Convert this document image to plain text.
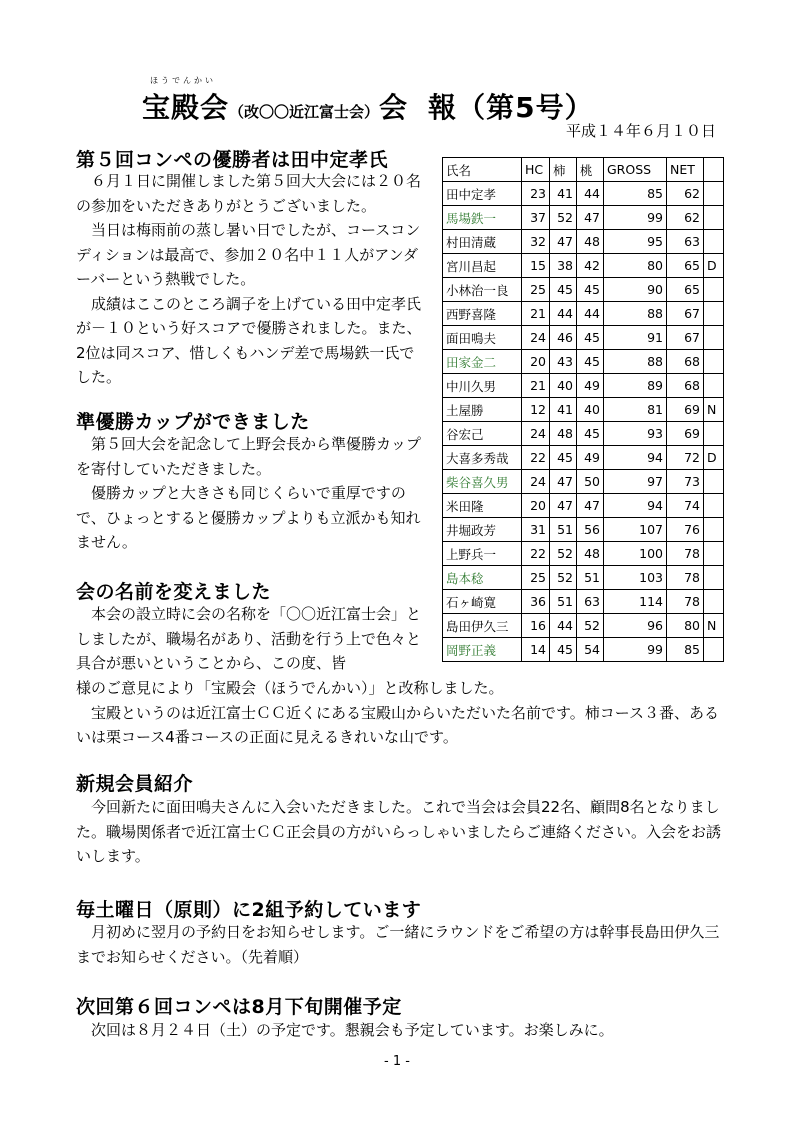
ほうでんかい
宝殿会（改〇〇近江富士会）会 報（第5号）
平成１４年６月１０日
第５回コンペの優勝者は田中定孝氏

６月１日に開催しました第５回大大会には２０名の参加をいただきありがとうございました。

当日は梅雨前の蒸し暑い日でしたが、コースコンディションは最高で、参加２０名中１１人がアンダーバーという熱戦でした。

成績はここのところ調子を上げている田中定孝氏が－１０という好スコアで優勝されました。また、2位は同スコア、惜しくもハンデ差で馬場鉄一氏でした。

準優勝カップができました

第５回大会を記念して上野会長から準優勝カップを寄付していただきました。

優勝カップと大きさも同じくらいで重厚ですので、ひょっとすると優勝カップよりも立派かも知れません。

会の名前を変えました

本会の設立時に会の名称を「〇〇近江富士会」としましたが、職場名があり、活動を行う上で色々と具合が悪いということから、この度、皆

様のご意見により「宝殿会（ほうでんかい）」と改称しました。

宝殿というのは近江富士ＣＣ近くにある宝殿山からいただいた名前です。柿コース３番、あるいは栗コース4番コースの正面に見えるきれいな山です。

新規会員紹介

今回新たに面田鳴夫さんに入会いただきました。これで当会は会員22名、顧問8名となりました。職場関係者で近江富士ＣＣ正会員の方がいらっしゃいましたらご連絡ください。入会をお誘いします。

毎土曜日（原則）に2組予約しています

月初めに翌月の予約日をお知らせします。ご一緒にラウンドをご希望の方は幹事長島田伊久三までお知らせください。（先着順）

次回第６回コンペは8月下旬開催予定

次回は８月２４日（土）の予定です。懇親会も予定しています。お楽しみに。

氏名	HC	柿	桃	GROSS	NET	
田中定孝	23	41	44	85	62	
馬場鉄一	37	52	47	99	62	
村田清蔵	32	47	48	95	63	
宮川昌起	15	38	42	80	65	D
小林治一良	25	45	45	90	65	
西野喜隆	21	44	44	88	67	
面田鳴夫	24	46	45	91	67	
田家金二	20	43	45	88	68	
中川久男	21	40	49	89	68	
土屋勝	12	41	40	81	69	N
谷宏己	24	48	45	93	69	
大喜多秀哉	22	45	49	94	72	D
柴谷喜久男	24	47	50	97	73	
米田隆	20	47	47	94	74	
井堀政芳	31	51	56	107	76	
上野兵一	22	52	48	100	78	
島本稔	25	52	51	103	78	
石ヶ崎寛	36	51	63	114	78	
島田伊久三	16	44	52	96	80	N
岡野正義	14	45	54	99	85	
- 1 -
